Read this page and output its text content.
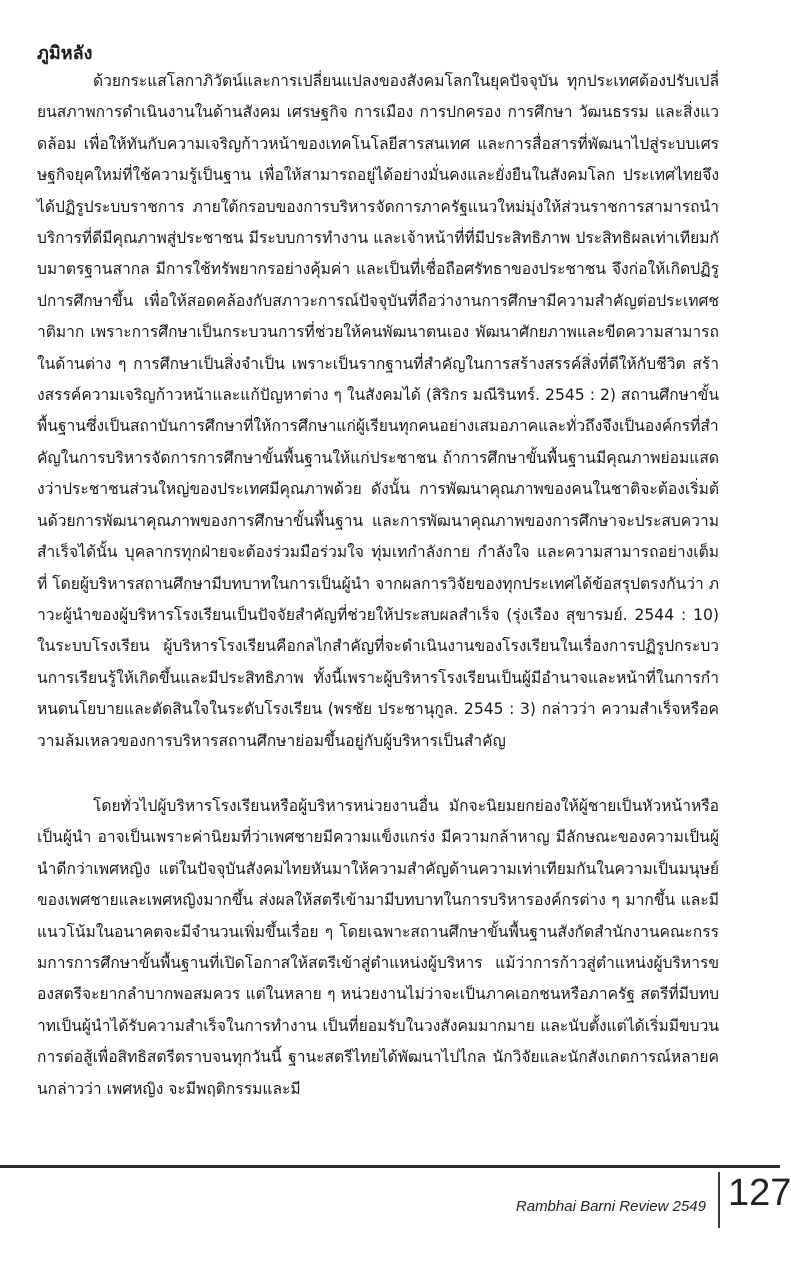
ภูมิหลัง

ด้วยกระแสโลกาภิวัตน์และการเปลี่ยนแปลงของสังคมโลกในยุคปัจจุบัน ทุกประเทศต้องปรับเปลี่ยนสภาพการดำเนินงานในด้านสังคม เศรษฐกิจ การเมือง การปกครอง การศึกษา วัฒนธรรม และสิ่งแวดล้อม เพื่อให้ทันกับความเจริญก้าวหน้าของเทคโนโลยีสารสนเทศ และการสื่อสารที่พัฒนาไปสู่ระบบเศรษฐกิจยุคใหม่ที่ใช้ความรู้เป็นฐาน เพื่อให้สามารถอยู่ได้อย่างมั่นคงและยั่งยืนในสังคมโลก ประเทศไทยจึงได้ปฏิรูประบบราชการ ภายใต้กรอบของการบริหารจัดการภาครัฐแนวใหม่มุ่งให้ส่วนราชการสามารถนำบริการที่ดีมีคุณภาพสู่ประชาชน มีระบบการทำงาน และเจ้าหน้าที่ที่มีประสิทธิภาพ ประสิทธิผลเท่าเทียมกับมาตรฐานสากล มีการใช้ทรัพยากรอย่างคุ้มค่า และเป็นที่เชื่อถือศรัทธาของประชาชน จึงก่อให้เกิดปฏิรูปการศึกษาขึ้น เพื่อให้สอดคล้องกับสภาวะการณ์ปัจจุบันที่ถือว่างานการศึกษามีความสำคัญต่อประเทศชาติมาก เพราะการศึกษาเป็นกระบวนการที่ช่วยให้คนพัฒนาตนเอง พัฒนาศักยภาพและขีดความสามารถในด้านต่าง ๆ การศึกษาเป็นสิ่งจำเป็น เพราะเป็นรากฐานที่สำคัญในการสร้างสรรค์สิ่งที่ดีให้กับชีวิต สร้างสรรค์ความเจริญก้าวหน้าและแก้ปัญหาต่าง ๆ ในสังคมได้ (สิริกร มณีรินทร์. 2545 : 2) สถานศึกษาขั้นพื้นฐานซึ่งเป็นสถาบันการศึกษาที่ให้การศึกษาแก่ผู้เรียนทุกคนอย่างเสมอภาคและทั่วถึงจึงเป็นองค์กรที่สำคัญในการบริหารจัดการการศึกษาขั้นพื้นฐานให้แก่ประชาชน ถ้าการศึกษาขั้นพื้นฐานมีคุณภาพย่อมแสดงว่าประชาชนส่วนใหญ่ของประเทศมีคุณภาพด้วย ดังนั้น การพัฒนาคุณภาพของคนในชาติจะต้องเริ่มต้นด้วยการพัฒนาคุณภาพของการศึกษาขั้นพื้นฐาน และการพัฒนาคุณภาพของการศึกษาจะประสบความสำเร็จได้นั้น บุคลากรทุกฝ่ายจะต้องร่วมมือร่วมใจ ทุ่มเทกำลังกาย กำลังใจ และความสามารถอย่างเต็มที่ โดยผู้บริหารสถานศึกษามีบทบาทในการเป็นผู้นำ จากผลการวิจัยของทุกประเทศได้ข้อสรุปตรงกันว่า ภาวะผู้นำของผู้บริหารโรงเรียนเป็นปัจจัยสำคัญที่ช่วยให้ประสบผลสำเร็จ (รุ่งเรือง สุขารมย์. 2544 : 10) ในระบบโรงเรียน ผู้บริหารโรงเรียนคือกลไกสำคัญที่จะดำเนินงานของโรงเรียนในเรื่องการปฏิรูปกระบวนการเรียนรู้ให้เกิดขึ้นและมีประสิทธิภาพ ทั้งนี้เพราะผู้บริหารโรงเรียนเป็นผู้มีอำนาจและหน้าที่ในการกำหนดนโยบายและตัดสินใจในระดับโรงเรียน (พรชัย ประชานุกูล. 2545 : 3) กล่าวว่า ความสำเร็จหรือความล้มเหลวของการบริหารสถานศึกษาย่อมขึ้นอยู่กับผู้บริหารเป็นสำคัญ

โดยทั่วไปผู้บริหารโรงเรียนหรือผู้บริหารหน่วยงานอื่น มักจะนิยมยกย่องให้ผู้ชายเป็นหัวหน้าหรือเป็นผู้นำ อาจเป็นเพราะค่านิยมที่ว่าเพศชายมีความแข็งแกร่ง มีความกล้าหาญ มีลักษณะของความเป็นผู้นำดีกว่าเพศหญิง แต่ในปัจจุบันสังคมไทยหันมาให้ความสำคัญด้านความเท่าเทียมกันในความเป็นมนุษย์ของเพศชายและเพศหญิงมากขึ้น ส่งผลให้สตรีเข้ามามีบทบาทในการบริหารองค์กรต่าง ๆ มากขึ้น และมีแนวโน้มในอนาคตจะมีจำนวนเพิ่มขึ้นเรื่อย ๆ โดยเฉพาะสถานศึกษาขั้นพื้นฐานสังกัดสำนักงานคณะกรรมการการศึกษาขั้นพื้นฐานที่เปิดโอกาสให้สตรีเข้าสู่ตำแหน่งผู้บริหาร แม้ว่าการก้าวสู่ตำแหน่งผู้บริหารของสตรีจะยากลำบากพอสมควร แต่ในหลาย ๆ หน่วยงานไม่ว่าจะเป็นภาคเอกชนหรือภาครัฐ สตรีที่มีบทบาทเป็นผู้นำได้รับความสำเร็จในการทำงาน เป็นที่ยอมรับในวงสังคมมากมาย และนับตั้งแต่ได้เริ่มมีขบวนการต่อสู้เพื่อสิทธิสตรีตราบจนทุกวันนี้ ฐานะสตรีไทยได้พัฒนาไปไกล นักวิจัยและนักสังเกตการณ์หลายคนกล่าวว่า เพศหญิง จะมีพฤติกรรมและมี

Rambhai Barni Review 2549 127
